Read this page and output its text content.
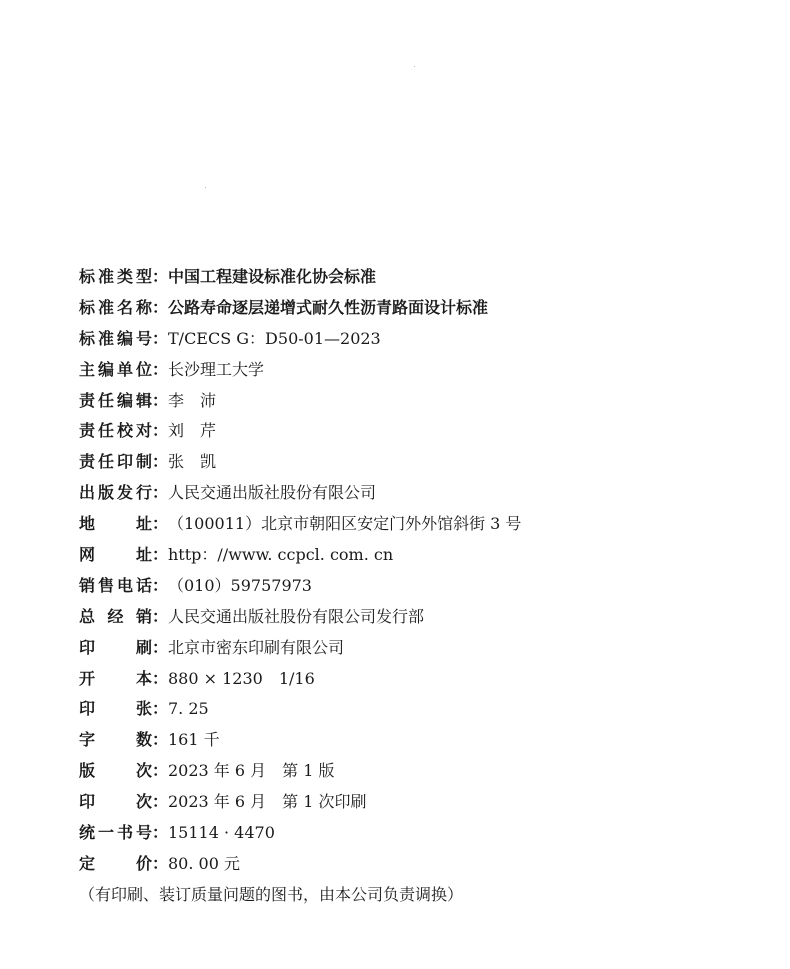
标准类型 ： 中国工程建设标准化协会标准
标准名称 ： 公路寿命逐层递增式耐久性沥青路面设计标准
标准编号 ： T/CECS G：D50-01—2023
主编单位 ： 长沙理工大学
责任编辑 ： 李　沛
责任校对 ： 刘　芹
责任印制 ： 张　凯
出版发行 ： 人民交通出版社股份有限公司
地址 ： （100011）北京市朝阳区安定门外外馆斜街 3 号
网址 ： http：//www. ccpcl. com. cn
销售电话 ： （010）59757973
总经销 ： 人民交通出版社股份有限公司发行部
印刷 ： 北京市密东印刷有限公司
开本 ： 880 × 1230　1/16
印张 ： 7. 25
字数 ： 161 千
版次 ： 2023 年 6 月　第 1 版
印次 ： 2023 年 6 月　第 1 次印刷
统一书号 ： 15114 · 4470
定价 ： 80. 00 元
（有印刷、装订质量问题的图书，由本公司负责调换）
